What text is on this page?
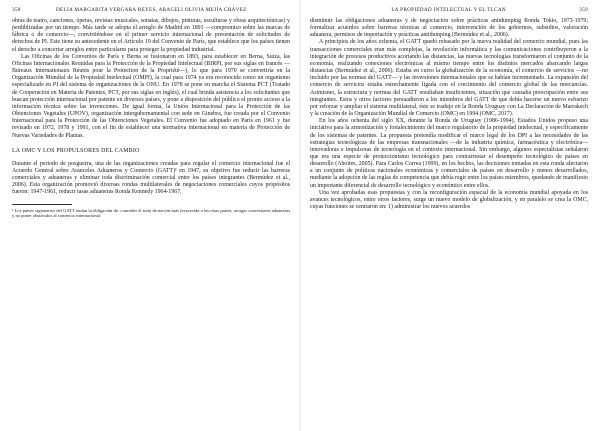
358	DELIA MARGARITA VERGARA REYES, ARACELI OLIVIA MEJÍA CHÁVEZ

obras de teatro, canciones, óperas, revistas musicales, sonatas, dibujos, pinturas, esculturas y obras arquitectónicas) y perdiblizadas por un tiempo. Más tarde se adopta el arreglo de Madrid en 1891 —compromiso sobre las marcas de fábrica o de comercio—, convirtiéndose en el primer servicio internacional de presentación de solicitudes de derechos de PI. Este tiene su antecedente en el Artículo 19 del Convenio de París, que establece que los países tienen el derecho a concertar arreglos entre particulares para proteger la propiedad industrial.

Las Oficinas de los Convenios de París y Berna se fusionaron en 1893, para establecer en Berna, Suiza, las Oficinas Internacionales Reunidas para la Protección de la Propiedad Intelectual (BIRPI, por sus siglas en francés —Bureaux Internationaux Réunis pour la Protection de la Propriété—), lo que para 1970 se convertiría en la Organización Mundial de la Propiedad Intelectual (OMPI), la cual para 1974 ya era reconocida como un organismo especializado en PI del sistema de organizaciones de la ONU. En 1978 se pone en marcha el Sistema PCT (Tratado de Cooperación en Materia de Patentes, PCT, por sus siglas en inglés), el cual brinda asistencia a los solicitantes que buscan protección internacional por patente en diversos países, y pone a disposición del público el pronto acceso a la información técnica sobre las invenciones. De igual forma, la Unión Internacional para la Protección de las Obtenciones Vegetales (UPOV), organización intergubernamental con sede en Ginebra, fue creada por el Convenio Internacional para la Protección de las Obtenciones Vegetales. El Convenio fue adoptado en París en 1961 y fue revisado en 1972, 1978 y 1991, con el fin de establecer una normativa internacional en materia de Protección de Nuevas Variedades de Plantas.

LA OMC Y LOS PROPULSORES DEL CAMBIO

Durante el periodo de posguerra, una de las organizaciones creadas para regular el comercio internacional fue el Acuerdo General sobre Aranceles Aduaneros y Comercio (GATT)¹ en 1947, su objetivo fue reducir las barreras comerciales y aduaneras y eliminar toda discriminación comercial entre los países integrantes (Bermúdez et al., 2006). Esta organización promovió diversas rondas multilaterales de negociaciones comerciales cuyos propósitos fueron: 1947-1961, reducir tasas aduaneras Ronda Kennedy 1964-1967,

¹ Los países signatarios del GATT tenían la obligación de: conceder el trato de nación más favorecida a las otras partes; otorgar concesiones aduaneras y no poner obstáculos al comercio internacional.
LA PROPIEDAD INTELECTUAL Y EL TLCAN	359

disminuir las obligaciones aduaneras y de negociación sobre prácticas antidumping Ronda Tokio, 1973-1979; formalizar acuerdos sobre barreras técnicas al comercio, intervención de los gobiernos, subsidios, valoración aduanera, permisos de importación y prácticas antidumping (Bermúdez et al., 2006).

A principios de los años ochenta, el GATT quedó rebasado por la nueva realidad del comercio mundial, pues las transacciones comerciales eran más complejas, la revolución informática y las comunicaciones contribuyeron a la integración de procesos productivos acortando las distancias, las nuevas tecnologías transformaron el conjunto de la economía, realizando conexiones electrónicas al mismo tiempo entre los distintos mercados abarcando largas distancias (Bermúdez et al., 2006). Estaba en curso la globalización de la economía, el comercio de servicios —no incluido por las normas del GATT— y las inversiones internacionales que se habían incrementado. La expansión del comercio de servicios estaba estrechamente ligada con el crecimiento del comercio global de las mercancías. Asimismo, la estructura y normas del GATT resultaban insuficientes, situación que causaba preocupación entre sus integrantes. Estos y otros factores persuadieron a los miembros del GATT de que debía hacerse un nuevo esfuerzo por reforzar y ampliar el sistema multilateral, éste se tradujo en la Ronda Uruguay con La Declaración de Marrakech y la creación de la Organización Mundial de Comercio (OMC) en 1994 (OMC, 2017).

En los años ochenta del siglo XX, durante la Ronda de Uruguay (1986-1994), Estados Unidos propuso una iniciativa para la armonización y fortalecimiento del marco regulatorio de la propiedad intelectual, y específicamente de los sistemas de patentes. La propuesta pretendía modificar el marco legal de los DPI a las necesidades de las estrategias tecnológicas de las empresas transnacionales —de la industria química, farmacéutica y electrónica— innovadoras e impulsoras de tecnología en el contexto internacional. Sin embargo, algunos especialistas señalaron que era una especie de proteccionismo tecnológico para contrarrestar el desempeño tecnológico de países en desarrollo (Aboites, 2005). Para Carlos Correa (1999), en los hechos, las decisiones tomadas en esta ronda afectaron a un conjunto de políticas nacionales económicas y comerciales de países en desarrollo y menos desarrollados, mediante la adopción de las reglas de competencia que debía regir entre los países miembros, quedando de manifiesto un importante diferencial de desarrollo tecnológico y económico entre ellos.

Una vez aprobadas esas propuestas y con la reconfiguración espacial de la economía mundial apoyada en los avances tecnológicos, entre otros factores, surge un nuevo modelo de globalización, y en paralelo se crea la OMC, cuyas funciones se centraron en: 1) administrar los nuevos acuerdos
